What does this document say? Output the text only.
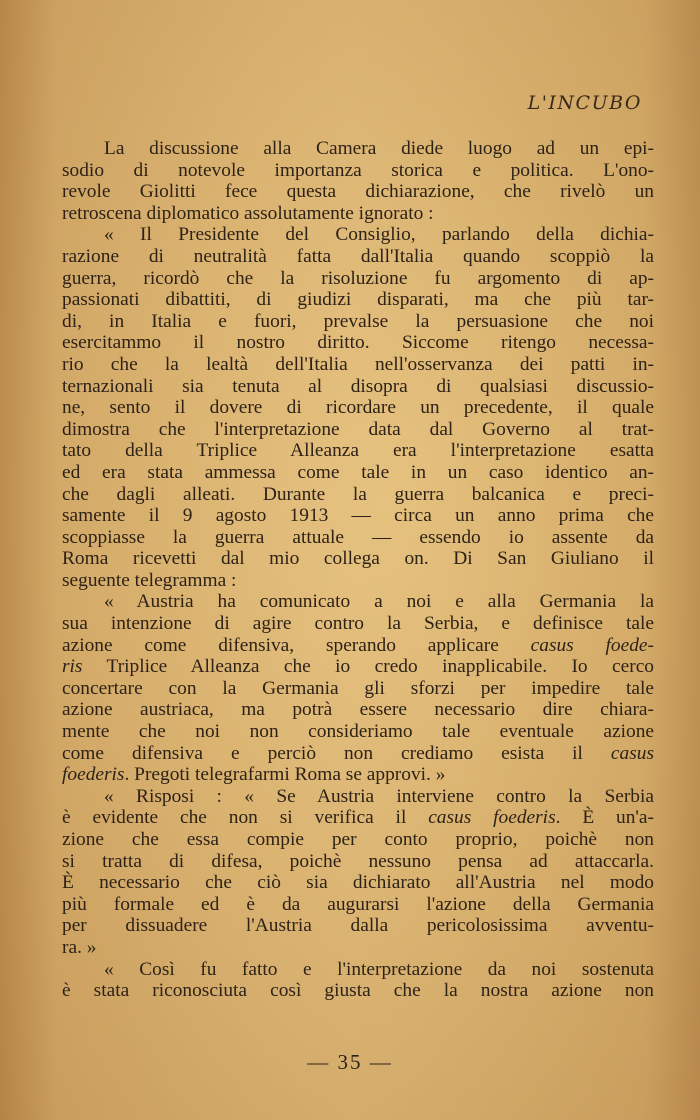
L'INCUBO
La discussione alla Camera diede luogo ad un epi-
sodio di notevole importanza storica e politica. L'ono-
revole Giolitti fece questa dichiarazione, che rivelò un
retroscena diplomatico assolutamente ignorato :
« Il Presidente del Consiglio, parlando della dichia-
razione di neutralità fatta dall'Italia quando scoppiò la
guerra, ricordò che la risoluzione fu argomento di ap-
passionati dibattiti, di giudizi disparati, ma che più tar-
di, in Italia e fuori, prevalse la persuasione che noi
esercitammo il nostro diritto. Siccome ritengo necessa-
rio che la lealtà dell'Italia nell'osservanza dei patti in-
ternazionali sia tenuta al disopra di qualsiasi discussio-
ne, sento il dovere di ricordare un precedente, il quale
dimostra che l'interpretazione data dal Governo al trat-
tato della Triplice Alleanza era l'interpretazione esatta
ed era stata ammessa come tale in un caso identico an-
che dagli alleati. Durante la guerra balcanica e preci-
samente il 9 agosto 1913 — circa un anno prima che
scoppiasse la guerra attuale — essendo io assente da
Roma ricevetti dal mio collega on. Di San Giuliano il
seguente telegramma :
« Austria ha comunicato a noi e alla Germania la
sua intenzione di agire contro la Serbia, e definisce tale
azione come difensiva, sperando applicare casus foede-
ris Triplice Alleanza che io credo inapplicabile. Io cerco
concertare con la Germania gli sforzi per impedire tale
azione austriaca, ma potrà essere necessario dire chiara-
mente che noi non consideriamo tale eventuale azione
come difensiva e perciò non crediamo esista il casus
foederis. Pregoti telegrafarmi Roma se approvi. »
« Risposi : « Se Austria interviene contro la Serbia
è evidente che non si verifica il casus foederis. È un'a-
zione che essa compie per conto proprio, poichè non
si tratta di difesa, poichè nessuno pensa ad attaccarla.
È necessario che ciò sia dichiarato all'Austria nel modo
più formale ed è da augurarsi l'azione della Germania
per dissuadere l'Austria dalla pericolosissima avventu-
ra. »
« Così fu fatto e l'interpretazione da noi sostenuta
è stata riconosciuta così giusta che la nostra azione non
— 35 —
